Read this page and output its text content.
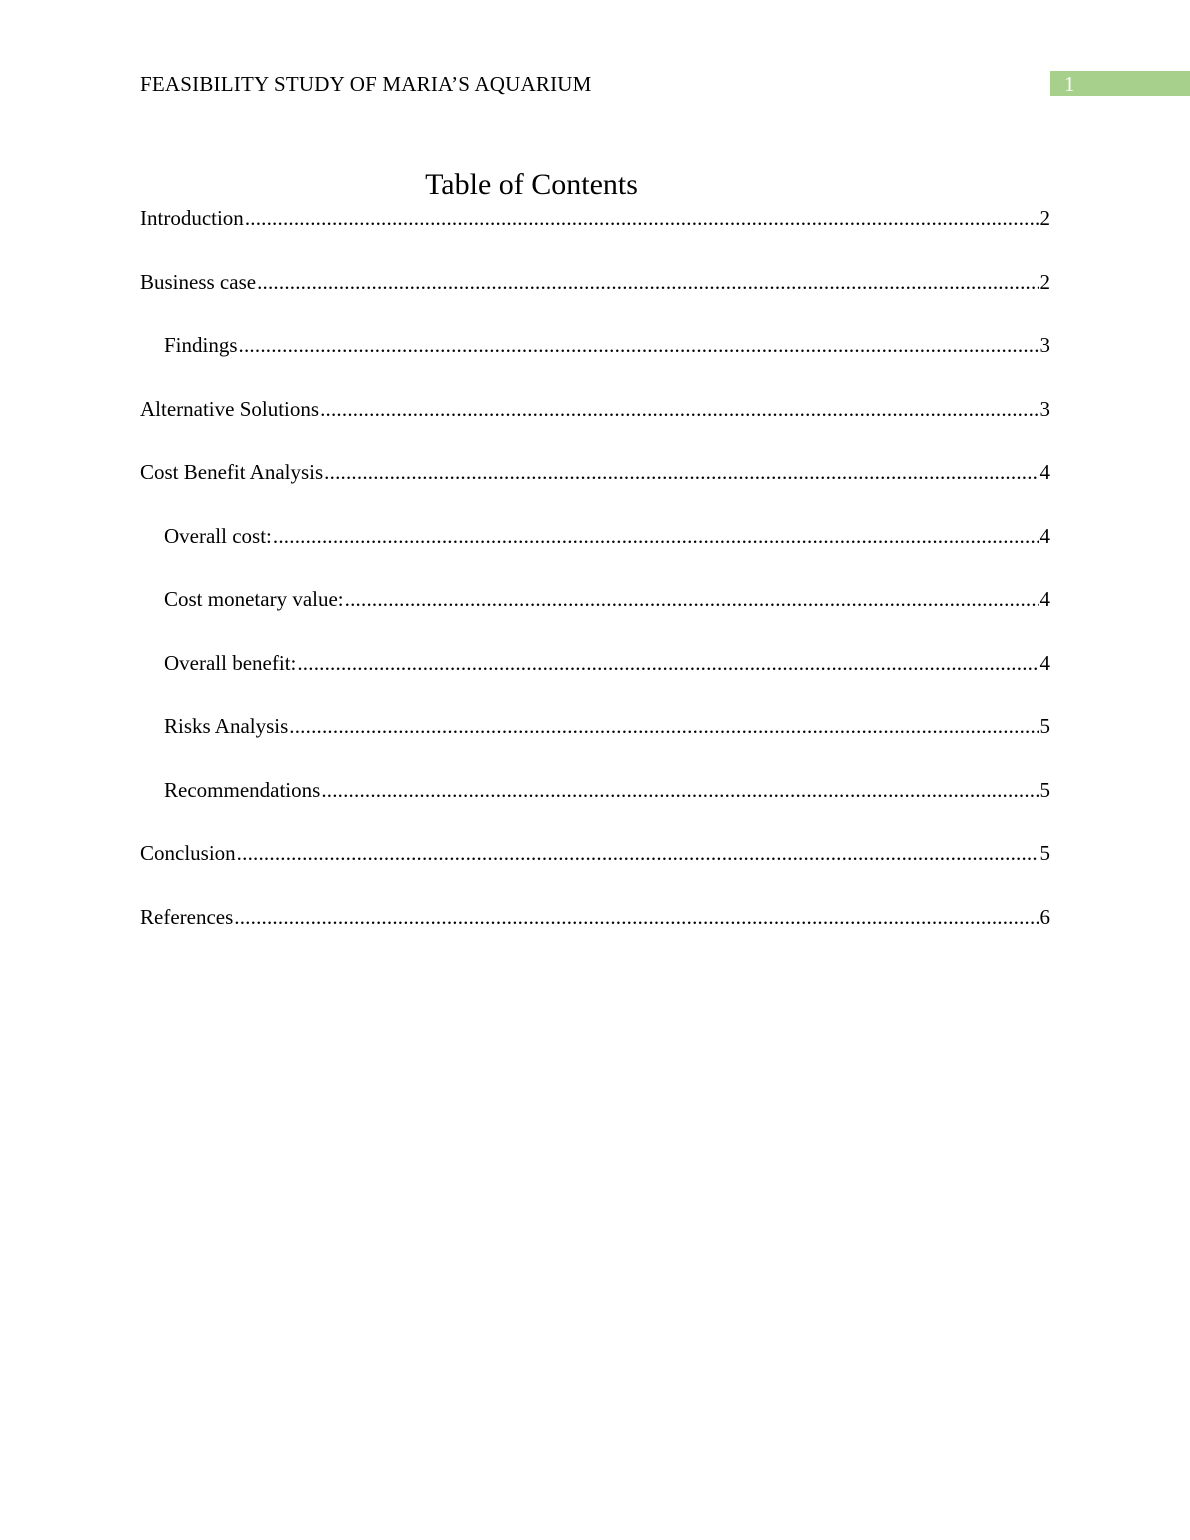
FEASIBILITY STUDY OF MARIA’S AQUARIUM	1
Table of Contents
Introduction .....	2
Business case .....	2
Findings .....	3
Alternative Solutions .....	3
Cost Benefit Analysis .....	4
Overall cost: .....	4
Cost monetary value: .....	4
Overall benefit: .....	4
Risks Analysis .....	5
Recommendations .....	5
Conclusion .....	5
References .....	6
